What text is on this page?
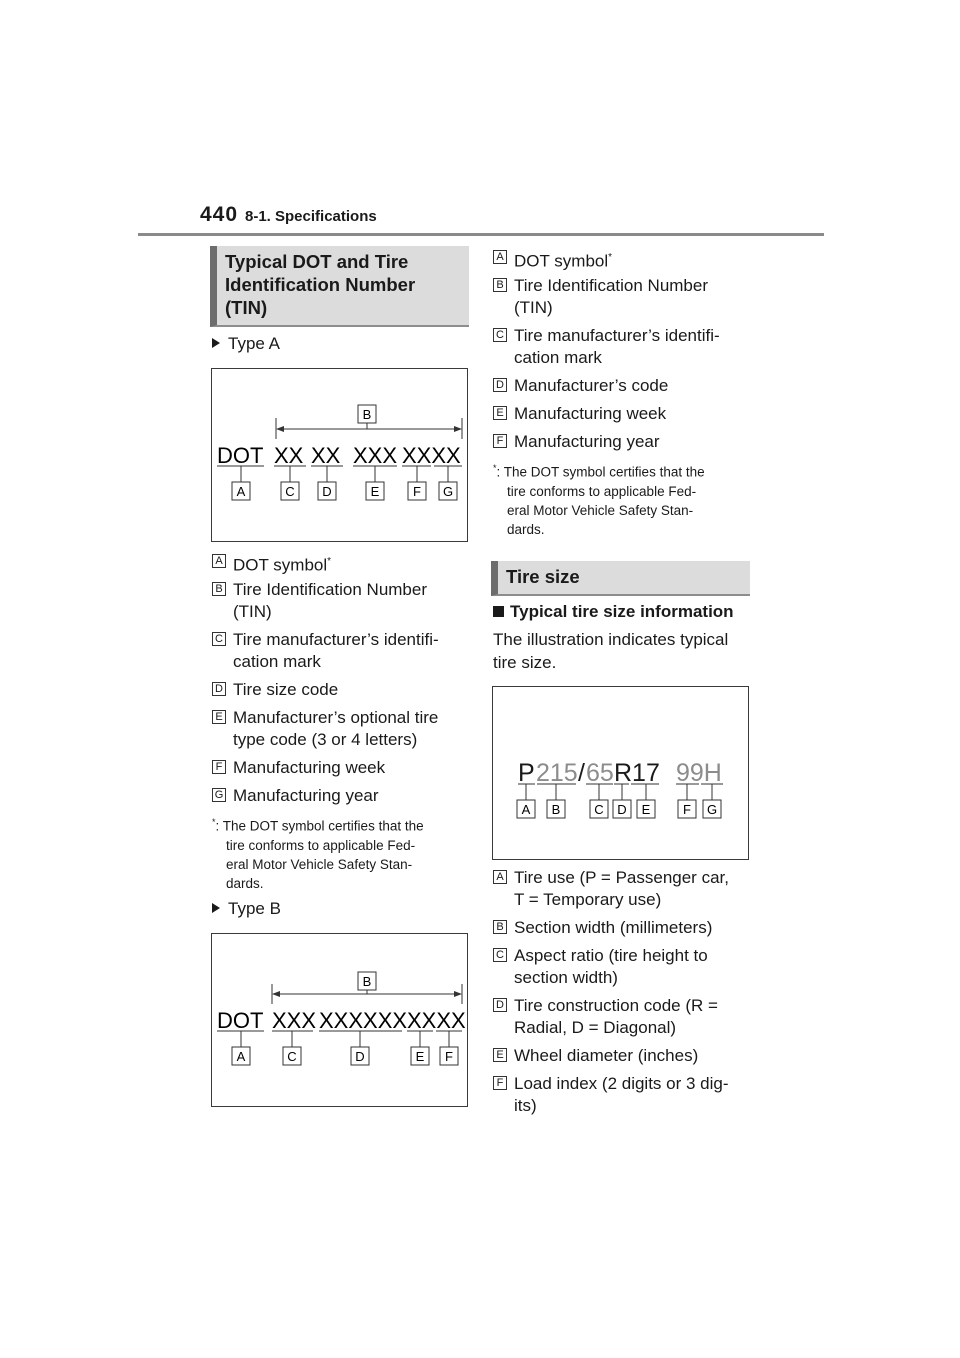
440 8-1. Specifications
Typical DOT and Tire
Identification Number
(TIN)
Type A
B
DOT XX XX XXX XXXX
A	C D	E	F G
A DOT symbol*
B Tire Identification Number
(TIN)
C Tire manufacturer’s identifi-
cation mark
D Tire size code
E Manufacturer’s optional tire
type code (3 or 4 letters)
F Manufacturing week
G Manufacturing year
*: The DOT symbol certifies that the
tire conforms to applicable Fed-
eral Motor Vehicle Safety Stan-
dards.
Type B
B
DOT XXX XXXXXX XXXX
A	C	D	E F
A DOT symbol*
B Tire Identification Number
(TIN)
C Tire manufacturer’s identifi-
cation mark
D Manufacturer’s code
E Manufacturing week
F Manufacturing year
*: The DOT symbol certifies that the
tire conforms to applicable Fed-
eral Motor Vehicle Safety Stan-
dards.
Tire size
Typical tire size information
The illustration indicates typical
tire size.
P 215 / 65 R17 99H
A B	C D E	F G
A Tire use (P = Passenger car,
T = Temporary use)
B Section width (millimeters)
C Aspect ratio (tire height to
section width)
D Tire construction code (R =
Radial, D = Diagonal)
E Wheel diameter (inches)
F Load index (2 digits or 3 dig-
its)
